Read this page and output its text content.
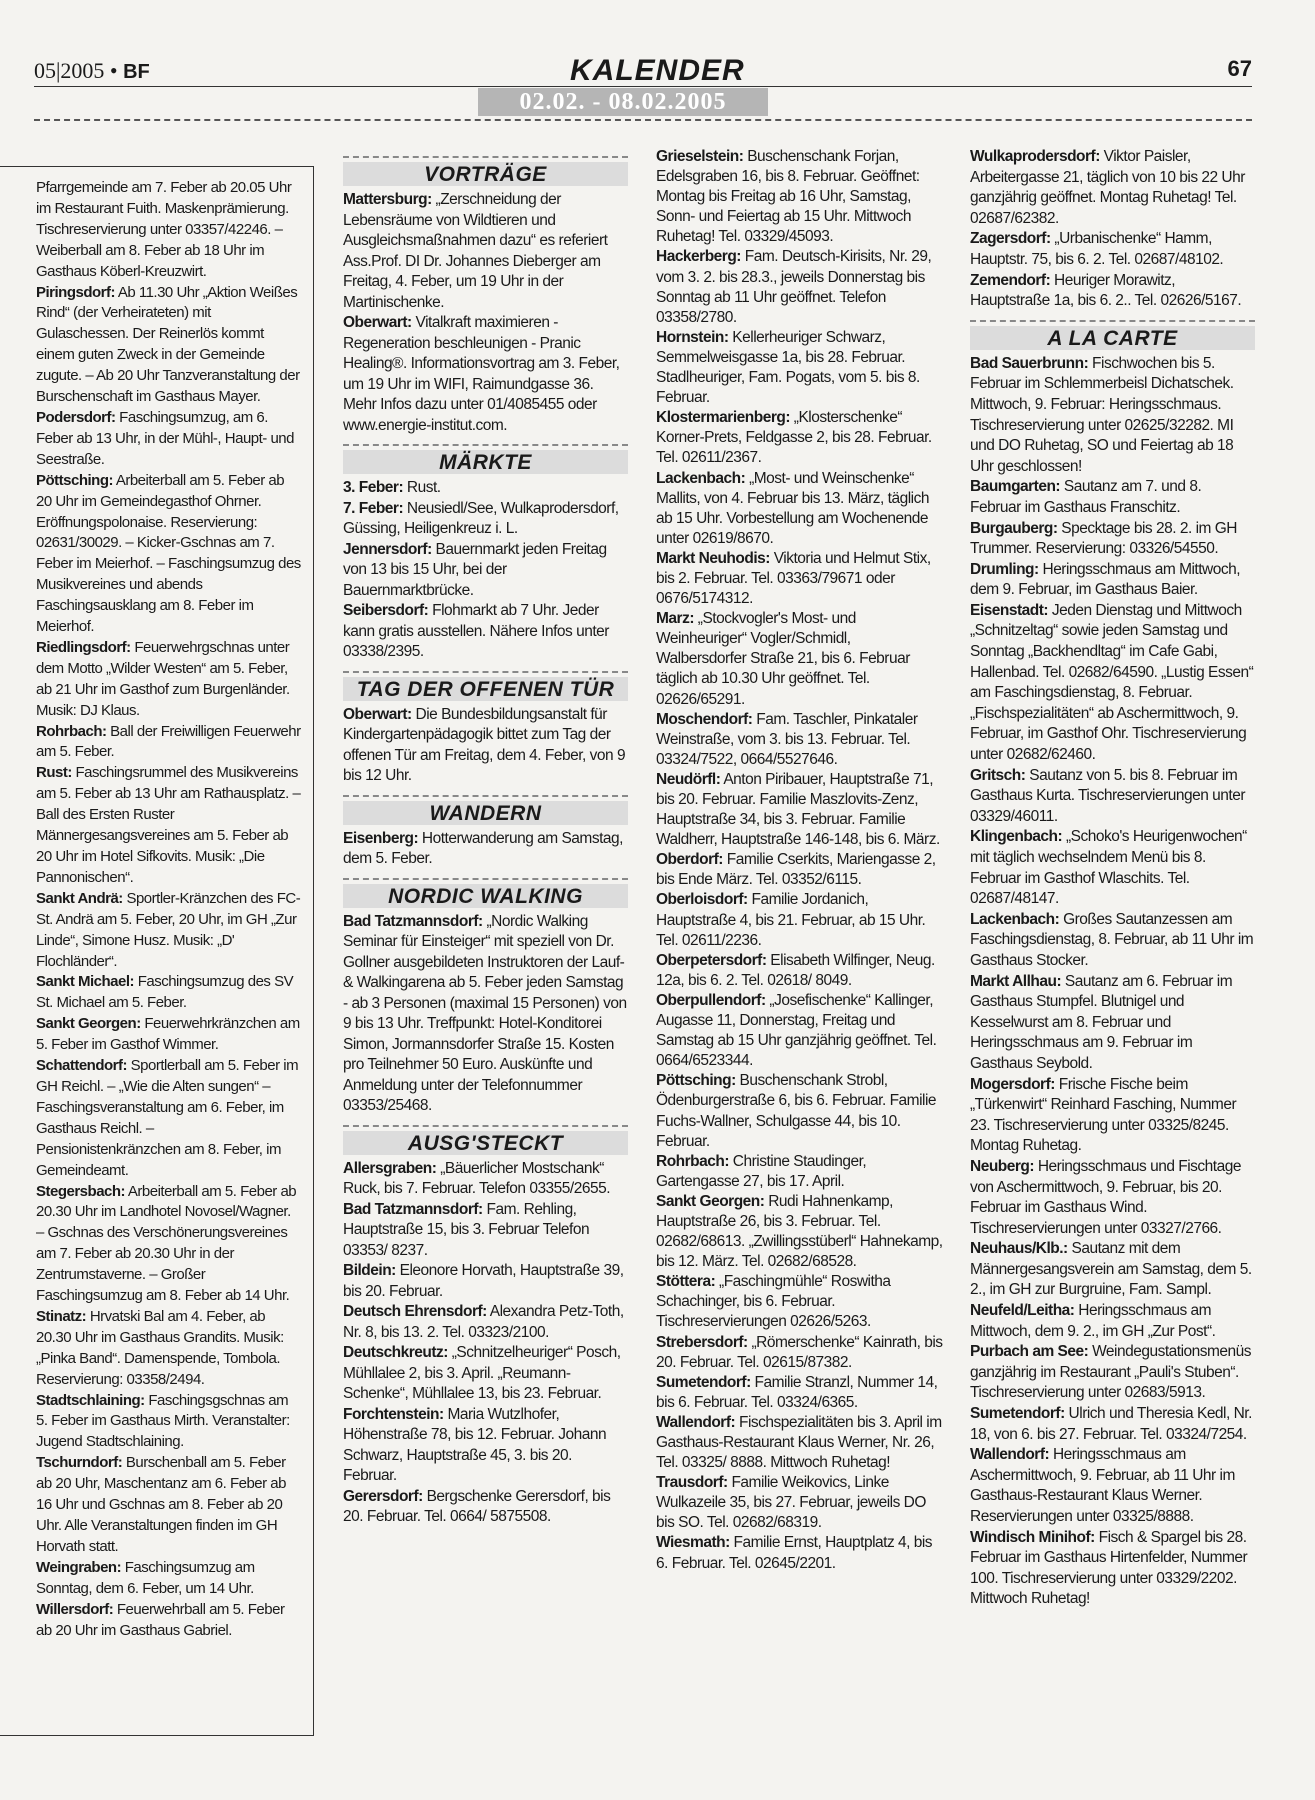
05|2005 • BF	KALENDER	67
02.02. - 08.02.2005

Pfarrgemeinde am 7. Feber ab 20.05 Uhr im Restaurant Fuith. Maskenprämierung. Tischreservierung unter 03357/42246. – Weiberball am 8. Feber ab 18 Uhr im Gasthaus Köberl-Kreuzwirt.

Piringsdorf: Ab 11.30 Uhr „Aktion Weißes Rind“ (der Verheirateten) mit Gulaschessen. Der Reinerlös kommt einem guten Zweck in der Gemeinde zugute. – Ab 20 Uhr Tanzveranstaltung der Burschenschaft im Gasthaus Mayer.

Podersdorf: Faschingsumzug, am 6. Feber ab 13 Uhr, in der Mühl-, Haupt- und Seestraße.

Pöttsching: Arbeiterball am 5. Feber ab 20 Uhr im Gemeindegasthof Ohrner. Eröffnungspolonaise. Reservierung: 02631/30029. – Kicker-Gschnas am 7. Feber im Meierhof. – Faschingsumzug des Musikvereines und abends Faschingsausklang am 8. Feber im Meierhof.

Riedlingsdorf: Feuerwehrgschnas unter dem Motto „Wilder Westen“ am 5. Feber, ab 21 Uhr im Gasthof zum Burgenländer. Musik: DJ Klaus.

Rohrbach: Ball der Freiwilligen Feuerwehr am 5. Feber.

Rust: Faschingsrummel des Musikvereins am 5. Feber ab 13 Uhr am Rathausplatz. – Ball des Ersten Ruster Männergesangsvereines am 5. Feber ab 20 Uhr im Hotel Sifkovits. Musik: „Die Pannonischen“.

Sankt Andrä: Sportler-Kränzchen des FC-St. Andrä am 5. Feber, 20 Uhr, im GH „Zur Linde“, Simone Husz. Musik: „D' Flochländer“.

Sankt Michael: Faschingsumzug des SV St. Michael am 5. Feber.

Sankt Georgen: Feuerwehrkränzchen am 5. Feber im Gasthof Wimmer.

Schattendorf: Sportlerball am 5. Feber im GH Reichl. – „Wie die Alten sungen“ – Faschingsveranstaltung am 6. Feber, im Gasthaus Reichl. – Pensionistenkränzchen am 8. Feber, im Gemeindeamt.

Stegersbach: Arbeiterball am 5. Feber ab 20.30 Uhr im Landhotel Novosel/Wagner. – Gschnas des Verschönerungsvereines am 7. Feber ab 20.30 Uhr in der Zentrumstaverne. – Großer Faschingsumzug am 8. Feber ab 14 Uhr.

Stinatz: Hrvatski Bal am 4. Feber, ab 20.30 Uhr im Gasthaus Grandits. Musik: „Pinka Band“. Damenspende, Tombola. Reservierung: 03358/2494.

Stadtschlaining: Faschingsgschnas am 5. Feber im Gasthaus Mirth. Veranstalter: Jugend Stadtschlaining.

Tschurndorf: Burschenball am 5. Feber ab 20 Uhr, Maschentanz am 6. Feber ab 16 Uhr und Gschnas am 8. Feber ab 20 Uhr. Alle Veranstaltungen finden im GH Horvath statt.

Weingraben: Faschingsumzug am Sonntag, dem 6. Feber, um 14 Uhr.

Willersdorf: Feuerwehrball am 5. Feber ab 20 Uhr im Gasthaus Gabriel.

VORTRÄGE

Mattersburg: „Zerschneidung der Lebensräume von Wildtieren und Ausgleichsmaßnahmen dazu“ es referiert Ass.Prof. DI Dr. Johannes Dieberger am Freitag, 4. Feber, um 19 Uhr in der Martinischenke.

Oberwart: Vitalkraft maximieren - Regeneration beschleunigen - Pranic Healing®. Informationsvortrag am 3. Feber, um 19 Uhr im WIFI, Raimundgasse 36. Mehr Infos dazu unter 01/4085455 oder www.energie-institut.com.

MÄRKTE

3. Feber: Rust.

7. Feber: Neusiedl/See, Wulkaprodersdorf, Güssing, Heiligenkreuz i. L.

Jennersdorf: Bauernmarkt jeden Freitag von 13 bis 15 Uhr, bei der Bauernmarktbrücke.

Seibersdorf: Flohmarkt ab 7 Uhr. Jeder kann gratis ausstellen. Nähere Infos unter 03338/2395.

TAG DER OFFENEN TÜR

Oberwart: Die Bundesbildungsanstalt für Kindergartenpädagogik bittet zum Tag der offenen Tür am Freitag, dem 4. Feber, von 9 bis 12 Uhr.

WANDERN

Eisenberg: Hotterwanderung am Samstag, dem 5. Feber.

NORDIC WALKING

Bad Tatzmannsdorf: „Nordic Walking Seminar für Einsteiger“ mit speziell von Dr. Gollner ausgebildeten Instruktoren der Lauf- & Walkingarena ab 5. Feber jeden Samstag - ab 3 Personen (maximal 15 Personen) von 9 bis 13 Uhr. Treffpunkt: Hotel-Konditorei Simon, Jormannsdorfer Straße 15. Kosten pro Teilnehmer 50 Euro. Auskünfte und Anmeldung unter der Telefonnummer 03353/25468.

AUSG'STECKT

Allersgraben: „Bäuerlicher Mostschank“ Ruck, bis 7. Februar. Telefon 03355/2655.

Bad Tatzmannsdorf: Fam. Rehling, Hauptstraße 15, bis 3. Februar Telefon 03353/ 8237.

Bildein: Eleonore Horvath, Hauptstraße 39, bis 20. Februar.

Deutsch Ehrensdorf: Alexandra Petz-Toth, Nr. 8, bis 13. 2. Tel. 03323/2100.

Deutschkreutz: „Schnitzelheuriger“ Posch, Mühllalee 2, bis 3. April. „Reumann-Schenke“, Mühllalee 13, bis 23. Februar.

Forchtenstein: Maria Wutzlhofer, Höhenstraße 78, bis 12. Februar. Johann Schwarz, Hauptstraße 45, 3. bis 20. Februar.

Gerersdorf: Bergschenke Gerersdorf, bis 20. Februar. Tel. 0664/ 5875508.

Grieselstein: Buschenschank Forjan, Edelsgraben 16, bis 8. Februar. Geöffnet: Montag bis Freitag ab 16 Uhr, Samstag, Sonn- und Feiertag ab 15 Uhr. Mittwoch Ruhetag! Tel. 03329/45093.

Hackerberg: Fam. Deutsch-Kirisits, Nr. 29, vom 3. 2. bis 28.3., jeweils Donnerstag bis Sonntag ab 11 Uhr geöffnet. Telefon 03358/2780.

Hornstein: Kellerheuriger Schwarz, Semmelweisgasse 1a, bis 28. Februar. Stadlheuriger, Fam. Pogats, vom 5. bis 8. Februar.

Klostermarienberg: „Klosterschenke“ Korner-Prets, Feldgasse 2, bis 28. Februar. Tel. 02611/2367.

Lackenbach: „Most- und Weinschenke“ Mallits, von 4. Februar bis 13. März, täglich ab 15 Uhr. Vorbestellung am Wochenende unter 02619/8670.

Markt Neuhodis: Viktoria und Helmut Stix, bis 2. Februar. Tel. 03363/79671 oder 0676/5174312.

Marz: „Stockvogler's Most- und Weinheuriger“ Vogler/Schmidl, Walbersdorfer Straße 21, bis 6. Februar täglich ab 10.30 Uhr geöffnet. Tel. 02626/65291.

Moschendorf: Fam. Taschler, Pinkataler Weinstraße, vom 3. bis 13. Februar. Tel. 03324/7522, 0664/5527646.

Neudörfl: Anton Piribauer, Hauptstraße 71, bis 20. Februar. Familie Maszlovits-Zenz, Hauptstraße 34, bis 3. Februar. Familie Waldherr, Hauptstraße 146-148, bis 6. März.

Oberdorf: Familie Cserkits, Mariengasse 2, bis Ende März. Tel. 03352/6115.

Oberloisdorf: Familie Jordanich, Hauptstraße 4, bis 21. Februar, ab 15 Uhr. Tel. 02611/2236.

Oberpetersdorf: Elisabeth Wilfinger, Neug. 12a, bis 6. 2. Tel. 02618/ 8049.

Oberpullendorf: „Josefischenke“ Kallinger, Augasse 11, Donnerstag, Freitag und Samstag ab 15 Uhr ganzjährig geöffnet. Tel. 0664/6523344.

Pöttsching: Buschenschank Strobl, Ödenburgerstraße 6, bis 6. Februar. Familie Fuchs-Wallner, Schulgasse 44, bis 10. Februar.

Rohrbach: Christine Staudinger, Gartengasse 27, bis 17. April.

Sankt Georgen: Rudi Hahnenkamp, Hauptstraße 26, bis 3. Februar. Tel. 02682/68613. „Zwillingsstüberl“ Hahnekamp, bis 12. März. Tel. 02682/68528.

Stöttera: „Faschingmühle“ Roswitha Schachinger, bis 6. Februar. Tischreservierungen 02626/5263.

Strebersdorf: „Römerschenke“ Kainrath, bis 20. Februar. Tel. 02615/87382.

Sumetendorf: Familie Stranzl, Nummer 14, bis 6. Februar. Tel. 03324/6365.

Wallendorf: Fischspezialitäten bis 3. April im Gasthaus-Restaurant Klaus Werner, Nr. 26, Tel. 03325/ 8888. Mittwoch Ruhetag!

Trausdorf: Familie Weikovics, Linke Wulkazeile 35, bis 27. Februar, jeweils DO bis SO. Tel. 02682/68319.

Wiesmath: Familie Ernst, Hauptplatz 4, bis 6. Februar. Tel. 02645/2201.

Wulkaprodersdorf: Viktor Paisler, Arbeitergasse 21, täglich von 10 bis 22 Uhr ganzjährig geöffnet. Montag Ruhetag! Tel. 02687/62382.

Zagersdorf: „Urbanischenke“ Hamm, Hauptstr. 75, bis 6. 2. Tel. 02687/48102.

Zemendorf: Heuriger Morawitz, Hauptstraße 1a, bis 6. 2.. Tel. 02626/5167.

A LA CARTE

Bad Sauerbrunn: Fischwochen bis 5. Februar im Schlemmerbeisl Dichatschek. Mittwoch, 9. Februar: Heringsschmaus. Tischreservierung unter 02625/32282. MI und DO Ruhetag, SO und Feiertag ab 18 Uhr geschlossen!

Baumgarten: Sautanz am 7. und 8. Februar im Gasthaus Franschitz.

Burgauberg: Specktage bis 28. 2. im GH Trummer. Reservierung: 03326/54550.

Drumling: Heringsschmaus am Mittwoch, dem 9. Februar, im Gasthaus Baier.

Eisenstadt: Jeden Dienstag und Mittwoch „Schnitzeltag“ sowie jeden Samstag und Sonntag „Backhendltag“ im Cafe Gabi, Hallenbad. Tel. 02682/64590. „Lustig Essen“ am Faschingsdienstag, 8. Februar. „Fischspezialitäten“ ab Aschermittwoch, 9. Februar, im Gasthof Ohr. Tischreservierung unter 02682/62460.

Gritsch: Sautanz von 5. bis 8. Februar im Gasthaus Kurta. Tischreservierungen unter 03329/46011.

Klingenbach: „Schoko's Heurigenwochen“ mit täglich wechselndem Menü bis 8. Februar im Gasthof Wlaschits. Tel. 02687/48147.

Lackenbach: Großes Sautanzessen am Faschingsdienstag, 8. Februar, ab 11 Uhr im Gasthaus Stocker.

Markt Allhau: Sautanz am 6. Februar im Gasthaus Stumpfel. Blutnigel und Kesselwurst am 8. Februar und Heringsschmaus am 9. Februar im Gasthaus Seybold.

Mogersdorf: Frische Fische beim „Türkenwirt“ Reinhard Fasching, Nummer 23. Tischreservierung unter 03325/8245. Montag Ruhetag.

Neuberg: Heringsschmaus und Fischtage von Aschermittwoch, 9. Februar, bis 20. Februar im Gasthaus Wind. Tischreservierungen unter 03327/2766.

Neuhaus/Klb.: Sautanz mit dem Männergesangsverein am Samstag, dem 5. 2., im GH zur Burgruine, Fam. Sampl.

Neufeld/Leitha: Heringsschmaus am Mittwoch, dem 9. 2., im GH „Zur Post“.

Purbach am See: Weindegustationsmenüs ganzjährig im Restaurant „Pauli's Stuben“. Tischreservierung unter 02683/5913.

Sumetendorf: Ulrich und Theresia Kedl, Nr. 18, von 6. bis 27. Februar. Tel. 03324/7254.

Wallendorf: Heringsschmaus am Aschermittwoch, 9. Februar, ab 11 Uhr im Gasthaus-Restaurant Klaus Werner. Reservierungen unter 03325/8888.

Windisch Minihof: Fisch & Spargel bis 28. Februar im Gasthaus Hirtenfelder, Nummer 100. Tischreservierung unter 03329/2202. Mittwoch Ruhetag!
